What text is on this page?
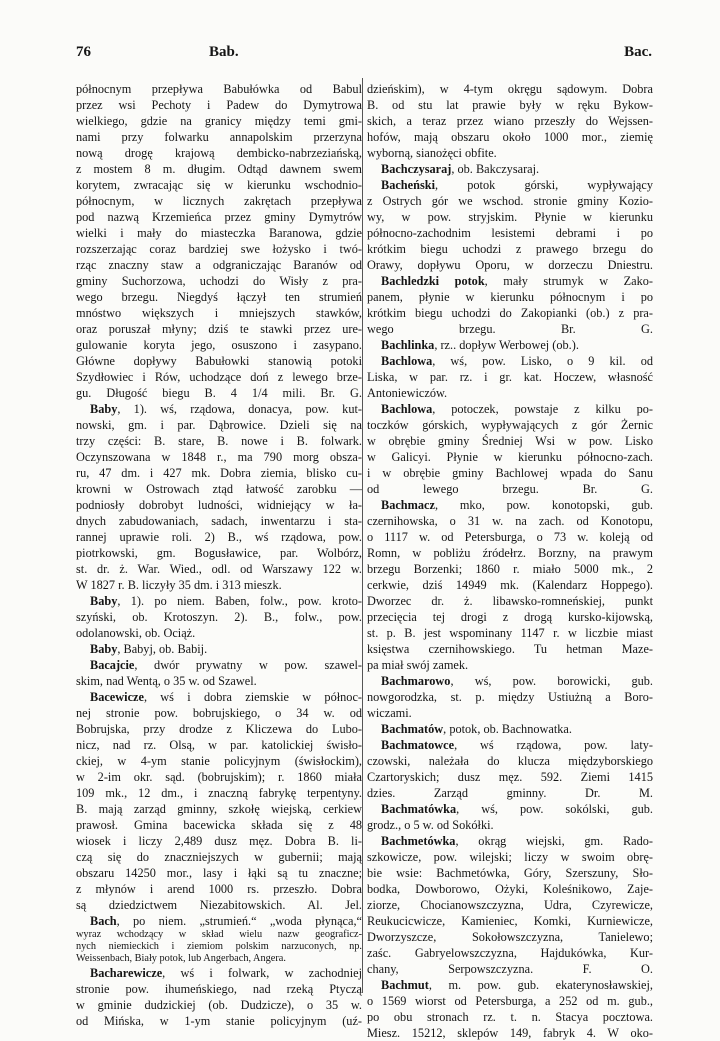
76	Bab.	Bac.
północnym przepływa Babułówka od Babul
przez wsi Pechoty i Padew do Dymytrowa
wielkiego, gdzie na granicy między temi gmi-
nami przy folwarku annapolskim przerzyna
nową drogę krajową dembicko-nabrzeziańską,
z mostem 8 m. długim. Odtąd dawnem swem
korytem, zwracając się w kierunku wschodnio-
północnym, w licznych zakrętach przepływa
pod nazwą Krzemieńca przez gminy Dymytrów
wielki i mały do miasteczka Baranowa, gdzie
rozszerzając coraz bardziej swe łożysko i twó-
rząc znaczny staw a odgraniczając Baranów od
gminy Suchorzowa, uchodzi do Wisły z pra-
wego brzegu. Niegdyś łączył ten strumień
mnóstwo większych i mniejszych stawków,
oraz poruszał młyny; dziś te stawki przez ure-
gulowanie koryta jego, osuszono i zasypano.
Główne dopływy Babułowki stanowią potoki
Szydłowiec i Rów, uchodzące doń z lewego brze-
gu. Długość biegu B. 4 1/4 mili. Br. G.
Baby, 1). wś, rządowa, donacya, pow. kut-
nowski, gm. i par. Dąbrowice. Dzieli się na
trzy części: B. stare, B. nowe i B. folwark.
Oczynszowana w 1848 r., ma 790 morg obsza-
ru, 47 dm. i 427 mk. Dobra ziemia, blisko cu-
krowni w Ostrowach ztąd łatwość zarobku —
podniosły dobrobyt ludności, widniejący w ła-
dnych zabudowaniach, sadach, inwentarzu i sta-
rannej uprawie roli. 2) B., wś rządowa, pow.
piotrkowski, gm. Bogusławice, par. Wolbórz,
st. dr. ż. War. Wied., odl. od Warszawy 122 w.
W 1827 r. B. liczyły 35 dm. i 313 mieszk.
Baby, 1). po niem. Baben, folw., pow. kroto-
szyński, ob. Krotoszyn. 2). B., folw., pow.
odolanowski, ob. Ociąż.
Baby, Babyj, ob. Babij.
Bacajcie, dwór prywatny w pow. szawel-
skim, nad Wentą, o 35 w. od Szawel.
Bacewicze, wś i dobra ziemskie w północ-
nej stronie pow. bobrujskiego, o 34 w. od
Bobrujska, przy drodze z Kliczewa do Lubo-
nicz, nad rz. Olsą, w par. katolickiej świsło-
ckiej, w 4-ym stanie policyjnym (świsłockim),
w 2-im okr. sąd. (bobrujskim); r. 1860 miała
109 mk., 12 dm., i znaczną fabrykę terpentyny.
B. mają zarząd gminny, szkołę wiejską, cerkiew
prawosł. Gmina bacewicka składa się z 48
wiosek i liczy 2,489 dusz męz. Dobra B. li-
czą się do znaczniejszych w gubernii; mają
obszaru 14250 mor., lasy i łąki są tu znaczne;
z młynów i arend 1000 rs. przeszło. Dobra
są dziedzictwem Niezabitowskich. Al. Jel.
Bach, po niem. „strumień.“ „woda płynąca,“
wyraz wchodzący w skład wielu nazw geograficz-
nych niemieckich i ziemiom polskim narzuconych, np.
Weissenbach, Biały potok, lub Angerbach, Angera.
Bacharewicze, wś i folwark, w zachodniej
stronie pow. ihumeńskiego, nad rzeką Ptyczą
w gminie dudzickiej (ob. Dudzicze), o 35 w.
od Mińska, w 1-ym stanie policyjnym (uź-
dzieńskim), w 4-tym okręgu sądowym. Dobra
B. od stu lat prawie były w ręku Bykow-
skich, a teraz przez wiano przeszły do Wejssen-
hofów, mają obszaru około 1000 mor., ziemię
wyborną, sianożęci obfite.
Bachczysaraj, ob. Bakczysaraj.
Bacheński, potok górski, wypływający
z Ostrych gór we wschod. stronie gminy Kozio-
wy, w pow. stryjskim. Płynie w kierunku
północno-zachodnim lesistemi debrami i po
krótkim biegu uchodzi z prawego brzegu do
Orawy, dopływu Oporu, w dorzeczu Dniestru.
Bachledzki potok, mały strumyk w Zako-
panem, płynie w kierunku północnym i po
krótkim biegu uchodzi do Zakopianki (ob.) z pra-
wego brzegu. Br. G.
Bachlinka, rz.. dopływ Werbowej (ob.).
Bachlowa, wś, pow. Lisko, o 9 kil. od
Liska, w par. rz. i gr. kat. Hoczew, własność
Antoniewiczów.
Bachlowa, potoczek, powstaje z kilku po-
toczków górskich, wypływających z gór Żernic
w obrębie gminy Średniej Wsi w pow. Lisko
w Galicyi. Płynie w kierunku północno-zach.
i w obrębie gminy Bachlowej wpada do Sanu
od lewego brzegu. Br. G.
Bachmacz, mko, pow. konotopski, gub.
czernihowska, o 31 w. na zach. od Konotopu,
o 1117 w. od Petersburga, o 73 w. koleją od
Romn, w pobliżu źródełrz. Borzny, na prawym
brzegu Borzenki; 1860 r. miało 5000 mk., 2
cerkwie, dziś 14949 mk. (Kalendarz Hoppego).
Dworzec dr. ż. libawsko-romneńskiej, punkt
przecięcia tej drogi z drogą kursko-kijowską,
st. p. B. jest wspominany 1147 r. w liczbie miast
księstwa czernihowskiego. Tu hetman Maze-
pa miał swój zamek.
Bachmarowo, wś, pow. borowicki, gub.
nowgorodzka, st. p. między Ustiużną a Boro-
wiczami.
Bachmatów, potok, ob. Bachnowatka.
Bachmatowce, wś rządowa, pow. laty-
czowski, należała do klucza międzyborskiego
Czartoryskich; dusz męz. 592. Ziemi 1415
dzies. Zarząd gminny. Dr. M.
Bachmatówka, wś, pow. sokólski, gub.
grodz., o 5 w. od Sokółki.
Bachmetówka, okrąg wiejski, gm. Rado-
szkowicze, pow. wilejski; liczy w swoim obrę-
bie wsie: Bachmetówka, Góry, Szerszuny, Sło-
bodka, Dowborowo, Ożyki, Koleśnikowo, Zaje-
ziorze, Chocianowszczyzna, Udra, Czyrewicze,
Reukucicwicze, Kamieniec, Komki, Kurniewicze,
Dworzyszcze, Sokołowszczyzna, Tanielewo;
zaśc. Gabryelowszczyzna, Hajdukówka, Kur-
chany, Serpowszczyzna. F. O.
Bachmut, m. pow. gub. ekaterynosławskiej,
o 1569 wiorst od Petersburga, a 252 od m. gub.,
po obu stronach rz. t. n. Stacya pocztowa.
Miesz. 15212, sklepów 149, fabryk 4. W oko-
